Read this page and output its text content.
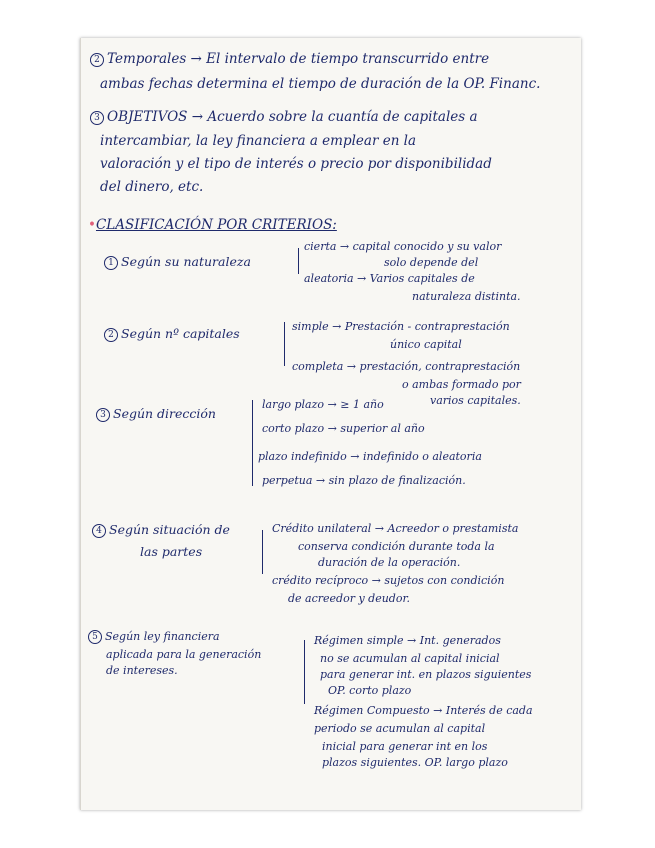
2 Temporales → El intervalo de tiempo transcurrido entre
ambas fechas determina el tiempo de duración de la OP. Financ.
3 OBJETIVOS → Acuerdo sobre la cuantía de capitales a
intercambiar, la ley financiera a emplear en la
valoración y el tipo de interés o precio por disponibilidad
del dinero, etc.
•CLASIFICACIÓN POR CRITERIOS:
1 Según su naturaleza
cierta → capital conocido y su valor
solo depende del
aleatoria → Varios capitales de
naturaleza distinta.
2 Según nº capitales	simple → Prestación - contraprestación
único capital
completa → prestación, contraprestación
o ambas formado por
varios capitales.
3 Según dirección
largo plazo → ≥ 1 año
corto plazo → superior al año
plazo indefinido → indefinido o aleatoria
perpetua → sin plazo de finalización.
4 Según situación de
las partes
Crédito unilateral → Acreedor o prestamista
conserva condición durante toda la
duración de la operación.
crédito recíproco → sujetos con condición
de acreedor y deudor.
5 Según ley financiera
aplicada para la generación
de intereses.
Régimen simple → Int. generados
no se acumulan al capital inicial
para generar int. en plazos siguientes
OP. corto plazo
Régimen Compuesto → Interés de cada
periodo se acumulan al capital
inicial para generar int en los
plazos siguientes. OP. largo plazo
